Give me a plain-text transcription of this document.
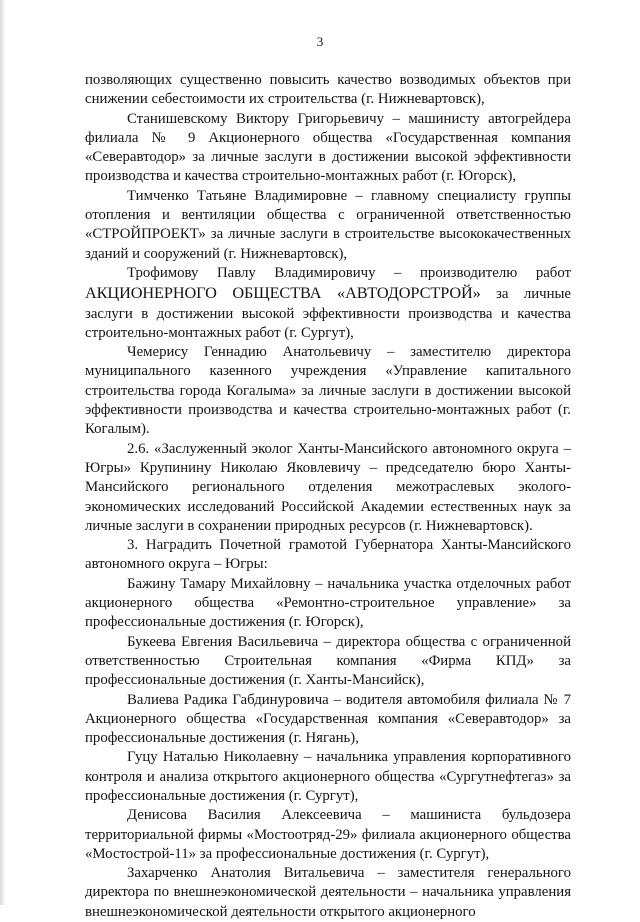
3

позволяющих существенно повысить качество возводимых объектов при снижении себестоимости их строительства (г. Нижневартовск),

Станишевскому Виктору Григорьевичу – машинисту автогрейдера филиала № 9 Акционерного общества «Государственная компания «Северавтодор» за личные заслуги в достижении высокой эффективности производства и качества строительно-монтажных работ (г. Югорск),

Тимченко Татьяне Владимировне – главному специалисту группы отопления и вентиляции общества с ограниченной ответственностью «СТРОЙПРОЕКТ» за личные заслуги в строительстве высококачественных зданий и сооружений (г. Нижневартовск),

Трофимову Павлу Владимировичу – производителю работ АКЦИОНЕРНОГО ОБЩЕСТВА «АВТОДОРСТРОЙ» за личные заслуги в достижении высокой эффективности производства и качества строительно-монтажных работ (г. Сургут),

Чемерису Геннадию Анатольевичу – заместителю директора муниципального казенного учреждения «Управление капитального строительства города Когалыма» за личные заслуги в достижении высокой эффективности производства и качества строительно-монтажных работ (г. Когалым).

2.6. «Заслуженный эколог Ханты-Мансийского автономного округа – Югры» Крупинину Николаю Яковлевичу – председателю бюро Ханты-Мансийского регионального отделения межотраслевых эколого-экономических исследований Российской Академии естественных наук за личные заслуги в сохранении природных ресурсов (г. Нижневартовск).

3. Наградить Почетной грамотой Губернатора Ханты-Мансийского автономного округа – Югры:

Бажину Тамару Михайловну – начальника участка отделочных работ акционерного общества «Ремонтно-строительное управление» за профессиональные достижения (г. Югорск),

Букеева Евгения Васильевича – директора общества с ограниченной ответственностью Строительная компания «Фирма КПД» за профессиональные достижения (г. Ханты-Мансийск),

Валиева Радика Габдинуровича – водителя автомобиля филиала № 7 Акционерного общества «Государственная компания «Северавтодор» за профессиональные достижения (г. Нягань),

Гуцу Наталью Николаевну – начальника управления корпоративного контроля и анализа открытого акционерного общества «Сургутнефтегаз» за профессиональные достижения (г. Сургут),

Денисова Василия Алексеевича – машиниста бульдозера территориальной фирмы «Мостоотряд-29» филиала акционерного общества «Мостострой-11» за профессиональные достижения (г. Сургут),

Захарченко Анатолия Витальевича – заместителя генерального директора по внешнеэкономической деятельности – начальника управления внешнеэкономической деятельности открытого акционерного
